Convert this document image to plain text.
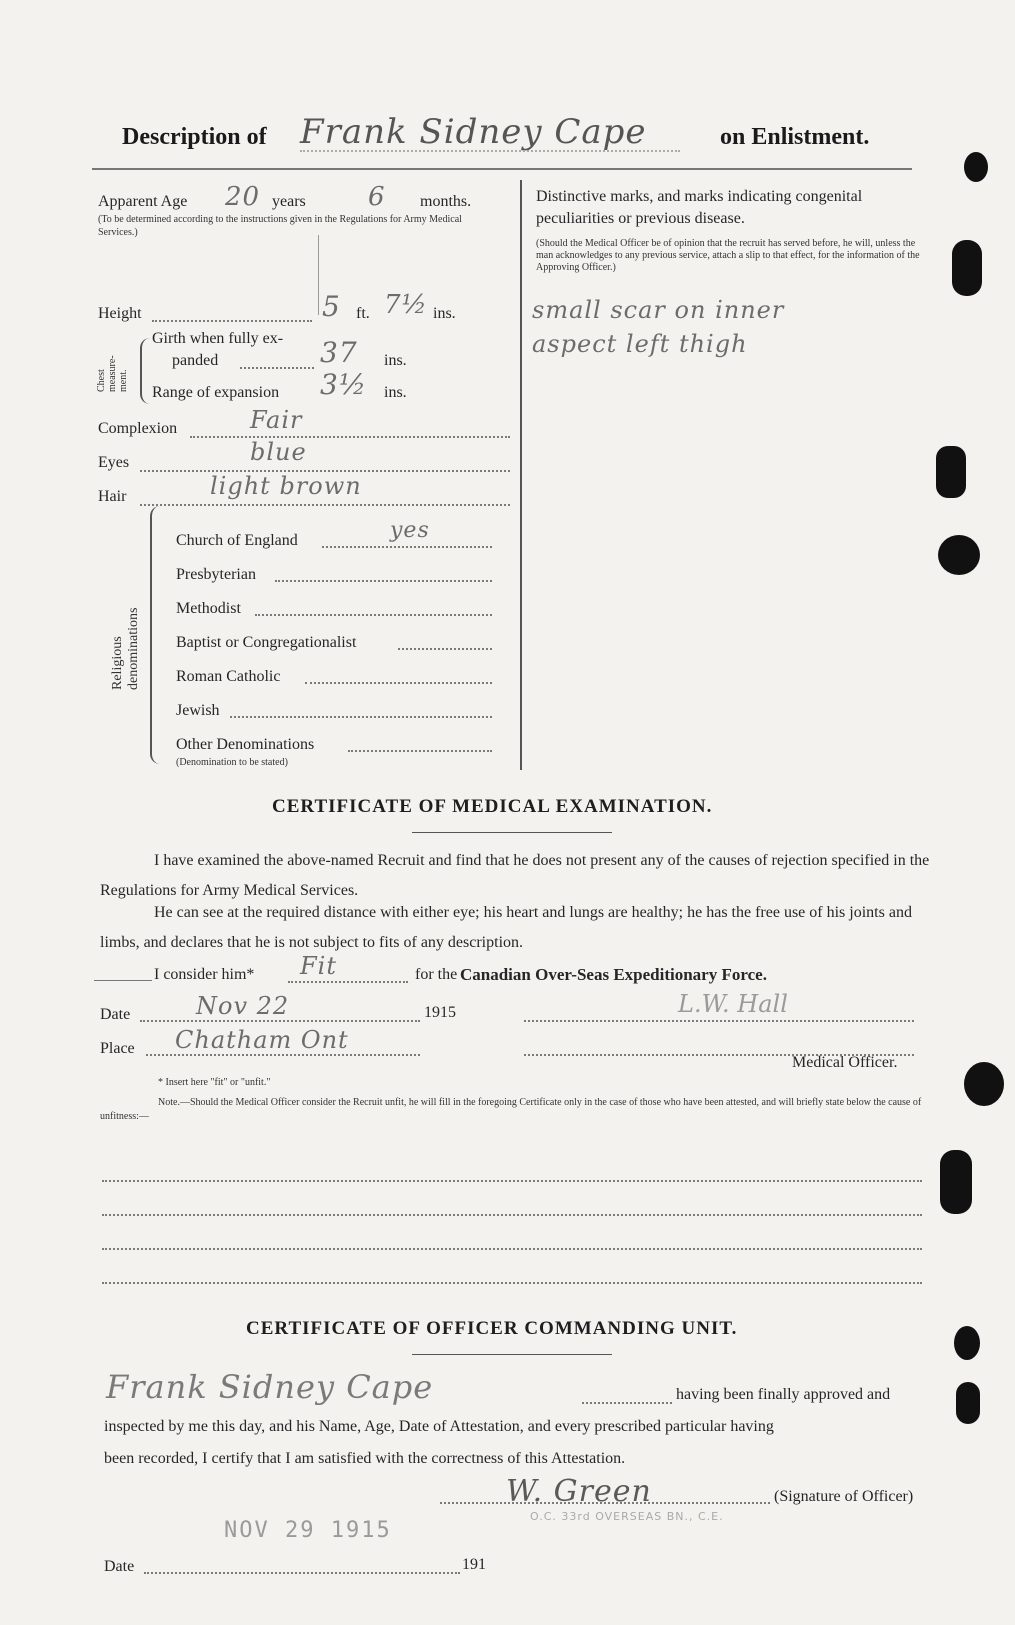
Description of Frank Sidney Cape	on Enlistment.
Apparent Age 20 years 6 months.
(To be determined according to the instructions given in the Regulations for Army Medical Services.)
Height	5 ft. 7½ ins.
Chest measure-ment.
Girth when fully ex-
panded	37 ins.
Range of expansion 3½ ins.
Complexion	Fair
Eyes	blue
Hair	light brown
Religious denominations
Church of England	yes
Presbyterian
Methodist
Baptist or Congregationalist
Roman Catholic
Jewish
Other Denominations
(Denomination to be stated)
Distinctive marks, and marks indicating congenital peculiarities or previous disease.
(Should the Medical Officer be of opinion that the recruit has served before, he will, unless the man acknowledges to any previous service, attach a slip to that effect, for the information of the Approving Officer.)
small scar on inner
aspect left thigh
CERTIFICATE OF MEDICAL EXAMINATION.
I have examined the above-named Recruit and find that he does not present any of the causes of rejection specified in the Regulations for Army Medical Services.
He can see at the required distance with either eye; his heart and lungs are healthy; he has the free use of his joints and limbs, and declares that he is not subject to fits of any description.
I consider him* Fit	for the Canadian Over-Seas Expeditionary Force.
Date	Nov 22	1915	L.W. Hall
Place Chatham Ont
Medical Officer.
* Insert here "fit" or "unfit."
Note.—Should the Medical Officer consider the Recruit unfit, he will fill in the foregoing Certificate only in the case of those who have been attested, and will briefly state below the cause of unfitness:—
CERTIFICATE OF OFFICER COMMANDING UNIT.
Frank Sidney Cape	having been finally approved and
inspected by me this day, and his Name, Age, Date of Attestation, and every prescribed particular having
been recorded, I certify that I am satisfied with the correctness of this Attestation.
W. Green	(Signature of Officer)
O.C. 33rd OVERSEAS BN., C.E.
NOV 29 1915
Date	191
